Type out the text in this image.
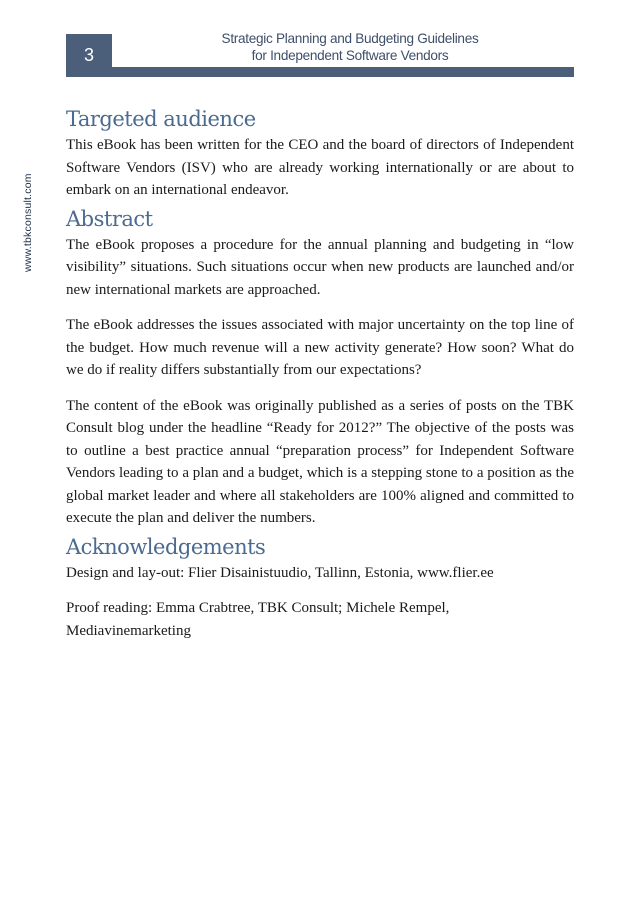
www.tbkconsult.com
3
Strategic Planning and Budgeting Guidelines
for Independent Software Vendors
Targeted audience

This eBook has been written for the CEO and the board of directors of Independent Software Vendors (ISV) who are already working internationally or are about to embark on an international endeavor.

Abstract

The eBook proposes a procedure for the annual planning and budgeting in “low visibility” situations. Such situations occur when new products are launched and/or new international markets are approached.

The eBook addresses the issues associated with major uncertainty on the top line of the budget. How much revenue will a new activity generate? How soon? What do we do if reality differs substantially from our expectations?

The content of the eBook was originally published as a series of posts on the TBK Consult blog under the headline “Ready for 2012?” The objective of the posts was to outline a best practice annual “preparation process” for Independent Software Vendors leading to a plan and a budget, which is a stepping stone to a position as the global market leader and where all stakeholders are 100% aligned and committed to execute the plan and deliver the numbers.

Acknowledgements

Design and lay-out: Flier Disainistuudio, Tallinn, Estonia, www.flier.ee

Proof reading: Emma Crabtree, TBK Consult; Michele Rempel,
Mediavinemarketing
